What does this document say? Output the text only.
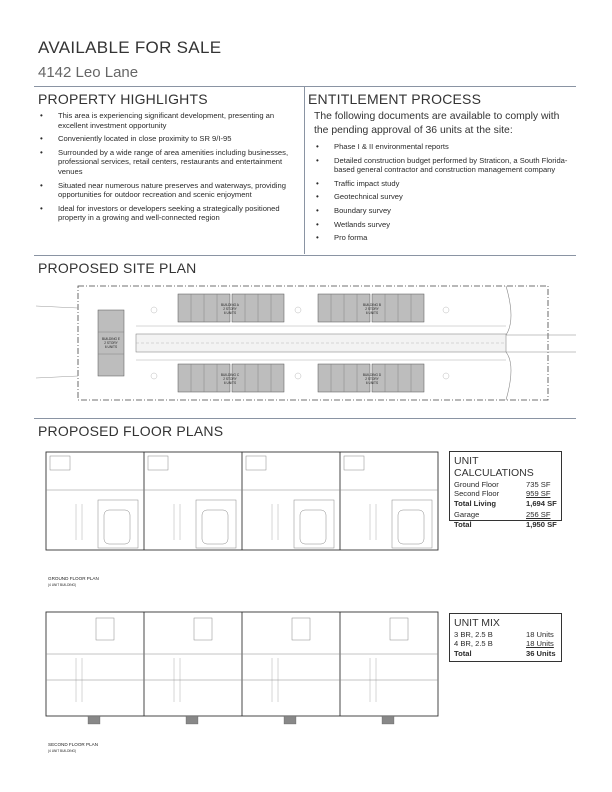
AVAILABLE FOR SALE
4142 Leo Lane
PROPERTY HIGHLIGHTS
• This area is experiencing significant development, presenting an excellent investment opportunity
• Conveniently located in close proximity to SR 9/I-95
• Surrounded by a wide range of area amenities including businesses, professional services, retail centers, restaurants and entertainment venues
• Situated near numerous nature preserves and waterways, providing opportunities for outdoor recreation and scenic enjoyment
• Ideal for investors or developers seeking a strategically positioned property in a growing and well-connected region
ENTITLEMENT PROCESS
The following documents are available to comply with the pending approval of 36 units at the site:
• Phase I & II environmental reports
• Detailed construction budget performed by Straticon, a South Florida-based general contractor and construction management company
• Traffic impact study
• Geotechnical survey
• Boundary survey
• Wetlands survey
• Pro forma
PROPOSED SITE PLAN
BUILDING A
2 STORY
6 UNITS
BUILDING B
2 STORY
6 UNITS
BUILDING C
2 STORY
6 UNITS
BUILDING D
2 STORY
6 UNITS
BUILDING E
2 STORY
6 UNITS
PROPOSED FLOOR PLANS
GROUND FLOOR PLAN
(4 UNIT BUILDING)
SECOND FLOOR PLAN
(4 UNIT BUILDING)
UNIT CALCULATIONS
Ground Floor	735 SF
Second Floor	959 SF
Total Living	1,694 SF
Garage	256 SF
Total	1,950 SF
UNIT MIX
3 BR, 2.5 B	18 Units
4 BR, 2.5 B	18 Units
Total	36 Units
